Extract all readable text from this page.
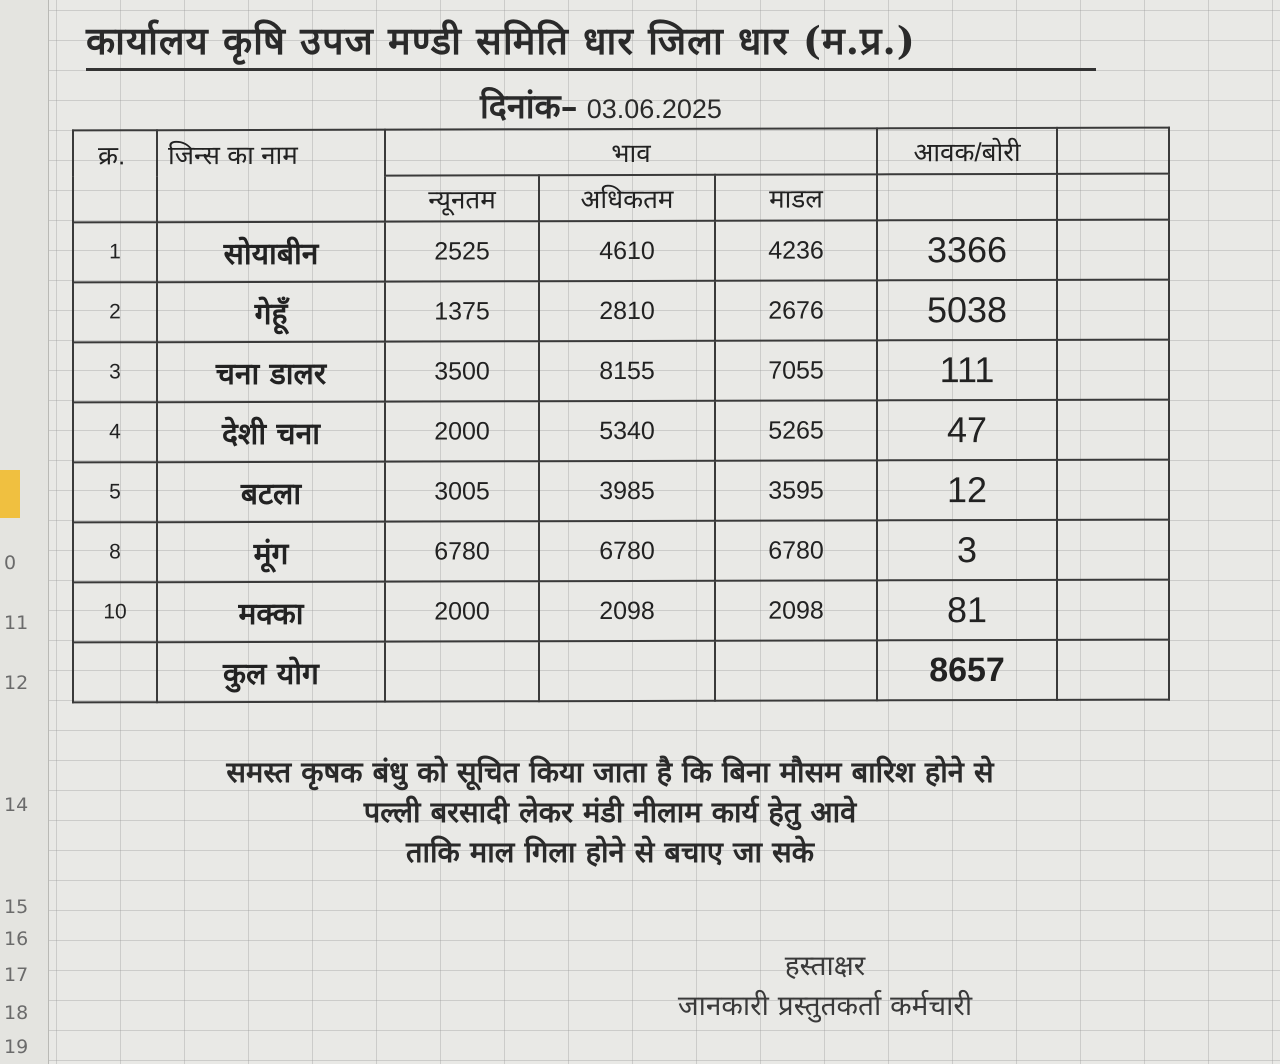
0
11
12
14
15
16
17
18
19
कार्यालय कृषि उपज मण्डी समिति धार जिला धार (म.प्र.)
दिनांक– 03.06.2025
क्र.	जिन्स का नाम	भाव			आवक/बोरी	
		न्यूनतम	अधिकतम	माडल		
1	सोयाबीन	2525	4610	4236	3366	
2	गेहूँ	1375	2810	2676	5038	
3	चना डालर	3500	8155	7055	111	
4	देशी चना	2000	5340	5265	47	
5	बटला	3005	3985	3595	12	
8	मूंग	6780	6780	6780	3	
10	मक्का	2000	2098	2098	81	
	कुल योग				8657	
समस्त कृषक बंधु को सूचित किया जाता है कि बिना मौसम बारिश होने से
पल्ली बरसादी लेकर मंडी नीलाम कार्य हेतु आवे
ताकि माल गिला होने से बचाए जा सके
हस्ताक्षर
जानकारी प्रस्तुतकर्ता कर्मचारी
